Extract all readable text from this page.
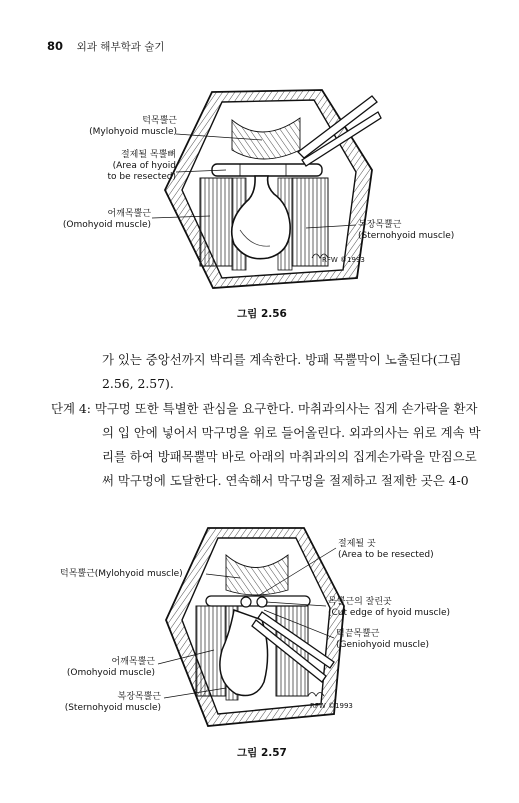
80 외과 해부학과 술기
RFW ©1993
RFW ©1993
턱목뿔근
(Mylohyoid muscle)
절제될 목뿔뼈
(Area of hyoid
to be resected)
어깨목뿔근
(Omohyoid muscle)	복장목뿔근
(Sternohyoid muscle)
그림 2.56
가 있는 중앙선까지 박리를 계속한다. 방패 목뿔막이 노출된다(그림
2.56, 2.57).
단계 4: 막구멍 또한 특별한 관심을 요구한다. 마취과의사는 집게 손가락을 환자
의 입 안에 넣어서 막구멍을 위로 들어올린다. 외과의사는 위로 계속 박
리를 하여 방패목뿔막 바로 아래의 마취과의의 집게손가락을 만짐으로
써 막구멍에 도달한다. 연속해서 막구멍을 절제하고 절제한 곳은 4-0
절제될 곳
(Area to be resected)
턱목뿔근(Mylohyoid muscle)
목뿔근의 잘린곳
(Cut edge of hyoid muscle)
턱끝목뿔근
(Geniohyoid muscle)
어깨목뿔근
(Omohyoid muscle)
복장목뿔근
(Sternohyoid muscle)
그림 2.57
